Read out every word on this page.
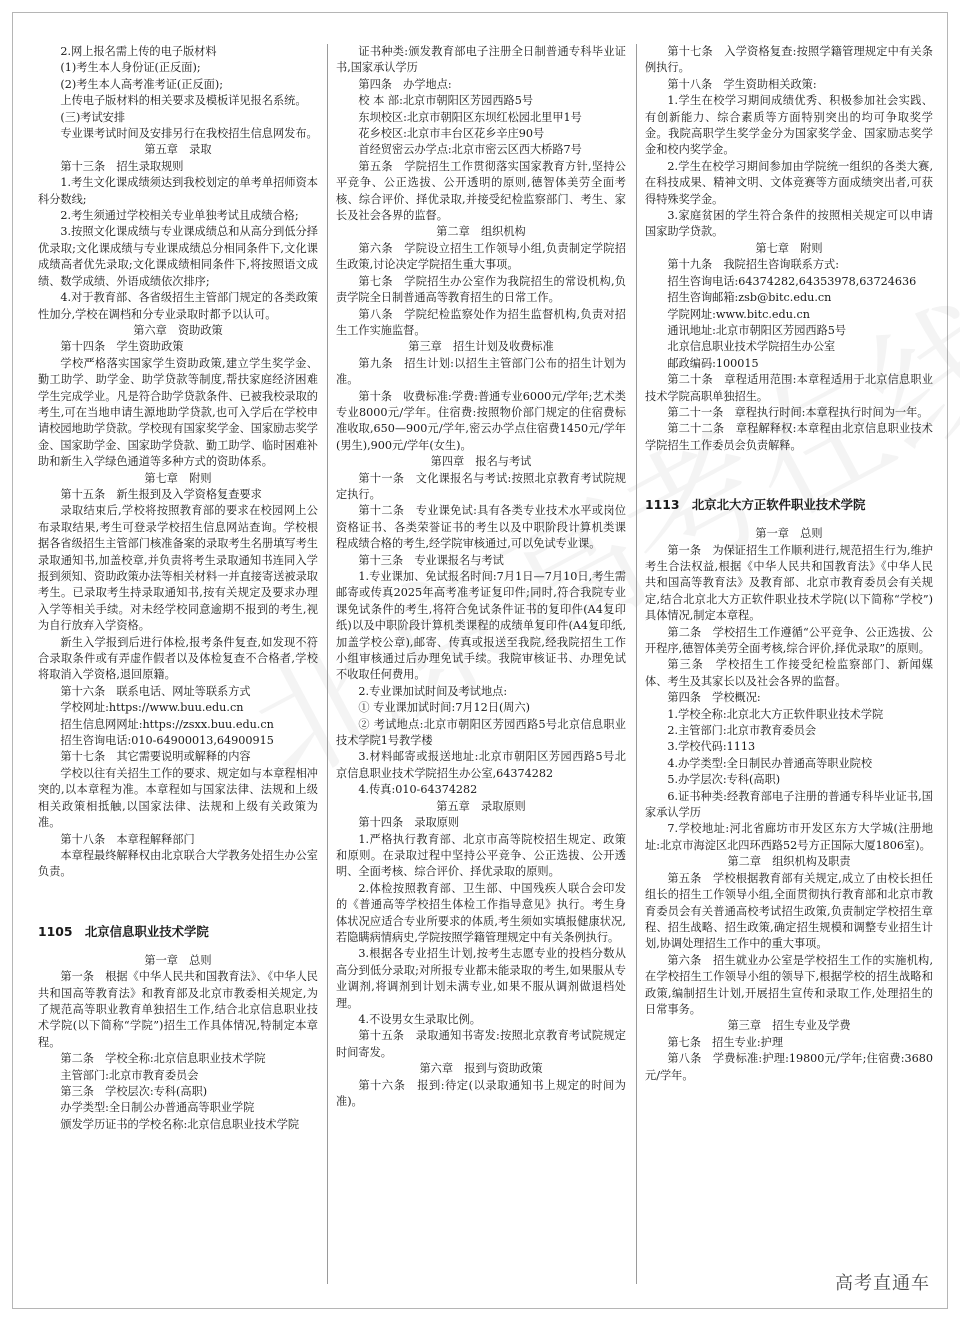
2.网上报名需上传的电子版材料

(1)考生本人身份证(正反面);

(2)考生本人高考准考证(正反面);

上传电子版材料的相关要求及模板详见报名系统。

(三)考试安排

专业课考试时间及安排另行在我校招生信息网发布。

第五章　录取

第十三条　招生录取规则

1.考生文化课成绩须达到我校划定的单考单招师资本科分数线;

2.考生须通过学校相关专业单独考试且成绩合格;

3.按照文化课成绩与专业课成绩总和从高分到低分择优录取;文化课成绩与专业课成绩总分相同条件下,文化课成绩高者优先录取;文化课成绩相同条件下,将按照语文成绩、数学成绩、外语成绩依次排序;

4.对于教育部、各省级招生主管部门规定的各类政策性加分,学校在调档和分专业录取时都予以认可。

第六章　资助政策

第十四条　学生资助政策

学校严格落实国家学生资助政策,建立学生奖学金、勤工助学、助学金、助学贷款等制度,帮扶家庭经济困难学生完成学业。凡是符合助学贷款条件、已被我校录取的考生,可在当地申请生源地助学贷款,也可入学后在学校申请校园地助学贷款。学校现有国家奖学金、国家励志奖学金、国家助学金、国家助学贷款、勤工助学、临时困难补助和新生入学绿色通道等多种方式的资助体系。

第七章　附则

第十五条　新生报到及入学资格复查要求

录取结束后,学校将按照教育部的要求在校园网上公布录取结果,考生可登录学校招生信息网站查询。学校根据各省级招生主管部门核准备案的录取考生名册填写考生录取通知书,加盖校章,并负责将考生录取通知书连同入学报到须知、资助政策办法等相关材料一并直接寄送被录取考生。已录取考生持录取通知书,按有关规定及要求办理入学等相关手续。对未经学校同意逾期不报到的考生,视为自行放弃入学资格。

新生入学报到后进行体检,报考条件复查,如发现不符合录取条件或有弄虚作假者以及体检复查不合格者,学校将取消入学资格,退回原籍。

第十六条　联系电话、网址等联系方式

学校网址:https://www.buu.edu.cn

招生信息网网址:https://zsxx.buu.edu.cn

招生咨询电话:010-64900013,64900915

第十七条　其它需要说明或解释的内容

学校以往有关招生工作的要求、规定如与本章程相冲突的,以本章程为准。本章程如与国家法律、法规和上级相关政策相抵触,以国家法律、法规和上级有关政策为准。

第十八条　本章程解释部门

本章程最终解释权由北京联合大学教务处招生办公室负责。

1105　北京信息职业技术学院
第一章　总则

第一条　根据《中华人民共和国教育法》、《中华人民共和国高等教育法》和教育部及北京市教委相关规定,为了规范高等职业教育单独招生工作,结合北京信息职业技术学院(以下简称“学院”)招生工作具体情况,特制定本章程。

第二条　学校全称:北京信息职业技术学院

主管部门:北京市教育委员会

第三条　学校层次:专科(高职)

办学类型:全日制公办普通高等职业学院

颁发学历证书的学校名称:北京信息职业技术学院

证书种类:颁发教育部电子注册全日制普通专科毕业证书,国家承认学历

第四条　办学地点:

校 本 部:北京市朝阳区芳园西路5号

东坝校区:北京市朝阳区东坝红松园北里甲1号

花乡校区:北京市丰台区花乡辛庄90号

首经贸密云办学点:北京市密云区西大桥路7号

第五条　学院招生工作贯彻落实国家教育方针,坚持公平竞争、公正选拔、公开透明的原则,德智体美劳全面考核、综合评价、择优录取,并接受纪检监察部门、考生、家长及社会各界的监督。

第二章　组织机构

第六条　学院设立招生工作领导小组,负责制定学院招生政策,讨论决定学院招生重大事项。

第七条　学院招生办公室作为我院招生的常设机构,负责学院全日制普通高等教育招生的日常工作。

第八条　学院纪检监察处作为招生监督机构,负责对招生工作实施监督。

第三章　招生计划及收费标准

第九条　招生计划:以招生主管部门公布的招生计划为准。

第十条　收费标准:学费:普通专业6000元/学年;艺术类专业8000元/学年。住宿费:按照物价部门规定的住宿费标准收取,650—900元/学年,密云办学点住宿费1450元/学年(男生),900元/学年(女生)。

第四章　报名与考试

第十一条　文化课报名与考试:按照北京教育考试院规定执行。

第十二条　专业课免试:具有各类专业技术水平或岗位资格证书、各类荣誉证书的考生以及中职阶段计算机类课程成绩合格的考生,经学院审核通过,可以免试专业课。

第十三条　专业课报名与考试

1.专业课加、免试报名时间:7月1日—7月10日,考生需邮寄或传真2025年高考准考证复印件;同时,符合我院专业课免试条件的考生,将符合免试条件证书的复印件(A4复印纸)以及中职阶段计算机类课程的成绩单复印件(A4复印纸,加盖学校公章),邮寄、传真或报送至我院,经我院招生工作小组审核通过后办理免试手续。我院审核证书、办理免试不收取任何费用。

2.专业课加试时间及考试地点:

① 专业课加试时间:7月12日(周六)

② 考试地点:北京市朝阳区芳园西路5号北京信息职业技术学院1号教学楼

3.材料邮寄或报送地址:北京市朝阳区芳园西路5号北京信息职业技术学院招生办公室,64374282

4.传真:010-64374282

第五章　录取原则

第十四条　录取原则

1.严格执行教育部、北京市高等院校招生规定、政策和原则。在录取过程中坚持公平竞争、公正选拔、公开透明、全面考核、综合评价、择优录取的原则。

2.体检按照教育部、卫生部、中国残疾人联合会印发的《普通高等学校招生体检工作指导意见》执行。考生身体状况应适合专业所要求的体质,考生须如实填报健康状况,若隐瞒病情病史,学院按照学籍管理规定中有关条例执行。

3.根据各专业招生计划,按考生志愿专业的投档分数从高分到低分录取;对所报专业都未能录取的考生,如果服从专业调剂,将调剂到计划未满专业,如果不服从调剂做退档处理。

4.不设男女生录取比例。

第十五条　录取通知书寄发:按照北京教育考试院规定时间寄发。

第六章　报到与资助政策

第十六条　报到:待定(以录取通知书上规定的时间为准)。

第十七条　入学资格复查:按照学籍管理规定中有关条例执行。

第十八条　学生资助相关政策:

1.学生在校学习期间成绩优秀、积极参加社会实践、有创新能力、综合素质等方面特别突出的均可争取奖学金。我院高职学生奖学金分为国家奖学金、国家励志奖学金和校内奖学金。

2.学生在校学习期间参加由学院统一组织的各类大赛,在科技成果、精神文明、文体竞赛等方面成绩突出者,可获得特殊奖学金。

3.家庭贫困的学生符合条件的按照相关规定可以申请国家助学贷款。

第七章　附则

第十九条　我院招生咨询联系方式:

招生咨询电话:64374282,64353978,63724636

招生咨询邮箱:zsb@bitc.edu.cn

学院网址:www.bitc.edu.cn

通讯地址:北京市朝阳区芳园西路5号

北京信息职业技术学院招生办公室

邮政编码:100015

第二十条　章程适用范围:本章程适用于北京信息职业技术学院高职单独招生。

第二十一条　章程执行时间:本章程执行时间为一年。

第二十二条　章程解释权:本章程由北京信息职业技术学院招生工作委员会负责解释。

1113　北京北大方正软件职业技术学院
第一章　总则

第一条　为保证招生工作顺利进行,规范招生行为,维护考生合法权益,根据《中华人民共和国教育法》《中华人民共和国高等教育法》及教育部、北京市教育委员会有关规定,结合北京北大方正软件职业技术学院(以下简称“学校”)具体情况,制定本章程。

第二条　学校招生工作遵循“公平竞争、公正选拔、公开程序,德智体美劳全面考核,综合评价,择优录取”的原则。

第三条　学校招生工作接受纪检监察部门、新闻媒体、考生及其家长以及社会各界的监督。

第四条　学校概况:

1.学校全称:北京北大方正软件职业技术学院

2.主管部门:北京市教育委员会

3.学校代码:1113

4.办学类型:全日制民办普通高等职业院校

5.办学层次:专科(高职)

6.证书种类:经教育部电子注册的普通专科毕业证书,国家承认学历

7.学校地址:河北省廊坊市开发区东方大学城(注册地址:北京市海淀区北四环西路52号方正国际大厦1806室)。

第二章　组织机构及职责

第五条　学校根据教育部有关规定,成立了由校长担任组长的招生工作领导小组,全面贯彻执行教育部和北京市教育委员会有关普通高校考试招生政策,负责制定学校招生章程、招生战略、招生政策,确定招生规模和调整专业招生计划,协调处理招生工作中的重大事项。

第六条　招生就业办公室是学校招生工作的实施机构,在学校招生工作领导小组的领导下,根据学校的招生战略和政策,编制招生计划,开展招生宣传和录取工作,处理招生的日常事务。

第三章　招生专业及学费

第七条　招生专业:护理

第八条　学费标准:护理:19800元/学年;住宿费:3680元/学年。

高考直通车
